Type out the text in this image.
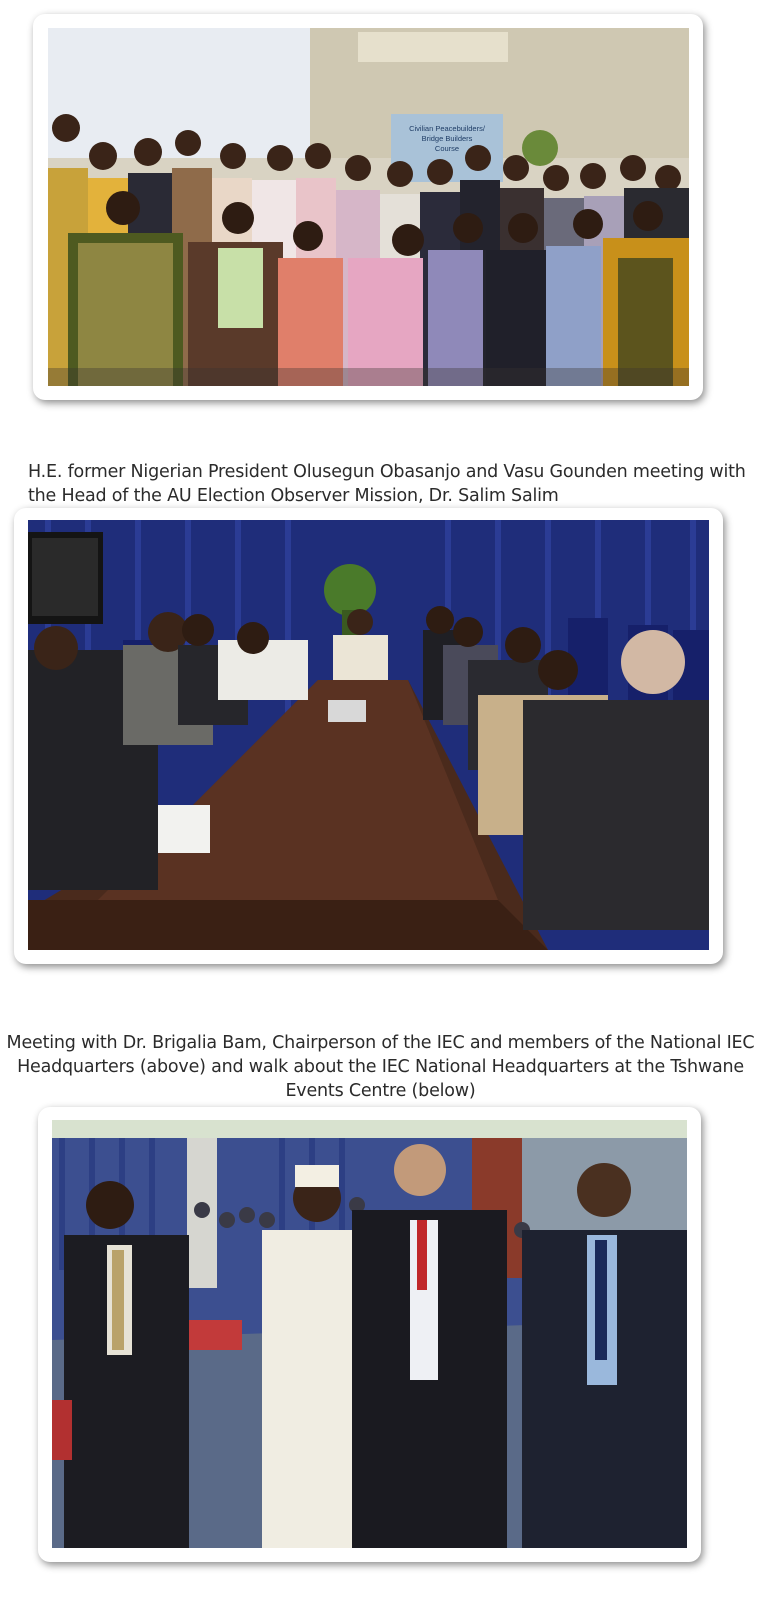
Civilian Peacebuilders/
Bridge Builders
Course

H.E. former Nigerian President Olusegun Obasanjo and Vasu Gounden meeting with the Head of the AU Election Observer Mission, Dr. Salim Salim

Meeting with Dr. Brigalia Bam, Chairperson of the IEC and members of the National IEC Headquarters (above) and walk about the IEC National Headquarters at the Tshwane Events Centre (below)
